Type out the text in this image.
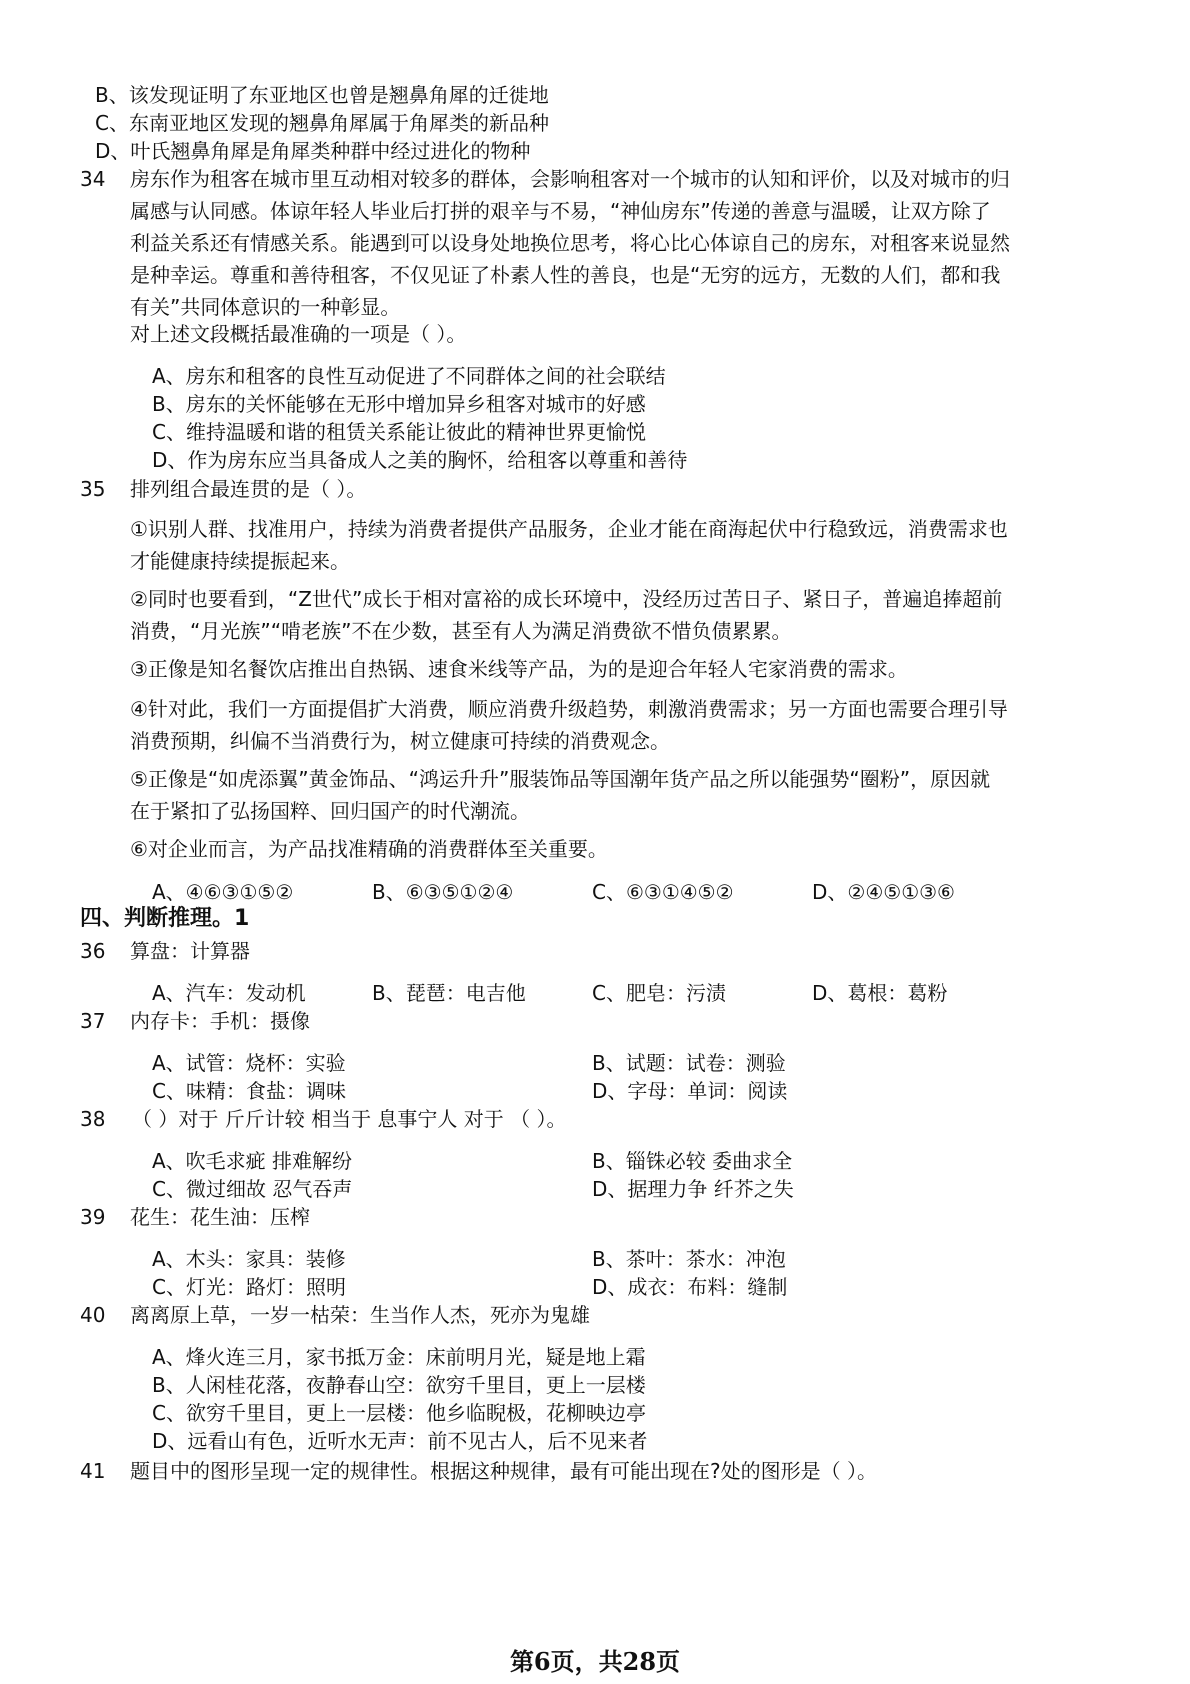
B、该发现证明了东亚地区也曾是翘鼻角犀的迁徙地
C、东南亚地区发现的翘鼻角犀属于角犀类的新品种
D、叶氏翘鼻角犀是角犀类种群中经过进化的物种
34 房东作为租客在城市里互动相对较多的群体，会影响租客对一个城市的认知和评价，以及对城市的归属感与认同感。体谅年轻人毕业后打拼的艰辛与不易，“神仙房东”传递的善意与温暖，让双方除了利益关系还有情感关系。能遇到可以设身处地换位思考，将心比心体谅自己的房东，对租客来说显然是种幸运。尊重和善待租客，不仅见证了朴素人性的善良，也是“无穷的远方，无数的人们，都和我有关”共同体意识的一种彰显。
对上述文段概括最准确的一项是（ ）。
A、房东和租客的良性互动促进了不同群体之间的社会联结
B、房东的关怀能够在无形中增加异乡租客对城市的好感
C、维持温暖和谐的租赁关系能让彼此的精神世界更愉悦
D、作为房东应当具备成人之美的胸怀，给租客以尊重和善待
35 排列组合最连贯的是（ ）。
①识别人群、找准用户，持续为消费者提供产品服务，企业才能在商海起伏中行稳致远，消费需求也才能健康持续提振起来。
②同时也要看到，“Z世代”成长于相对富裕的成长环境中，没经历过苦日子、紧日子，普遍追捧超前消费，“月光族”“啃老族”不在少数，甚至有人为满足消费欲不惜负债累累。
③正像是知名餐饮店推出自热锅、速食米线等产品，为的是迎合年轻人宅家消费的需求。
④针对此，我们一方面提倡扩大消费，顺应消费升级趋势，刺激消费需求；另一方面也需要合理引导消费预期，纠偏不当消费行为，树立健康可持续的消费观念。
⑤正像是“如虎添翼”黄金饰品、“鸿运升升”服装饰品等国潮年货产品之所以能强势“圈粉”，原因就在于紧扣了弘扬国粹、回归国产的时代潮流。
⑥对企业而言，为产品找准精确的消费群体至关重要。
A、④⑥③①⑤②	B、⑥③⑤①②④	C、⑥③①④⑤②	D、②④⑤①③⑥
四、判断推理。1
36 算盘：计算器
A、汽车：发动机	B、琵琶：电吉他	C、肥皂：污渍	D、葛根：葛粉
37 内存卡：手机：摄像
A、试管：烧杯：实验	B、试题：试卷：测验
C、味精：食盐：调味	D、字母：单词：阅读
38 （ ）对于 斤斤计较 相当于 息事宁人 对于 （ ）。
A、吹毛求疵 排难解纷	B、锱铢必较 委曲求全
C、微过细故 忍气吞声	D、据理力争 纤芥之失
39 花生：花生油：压榨
A、木头：家具：装修	B、茶叶：茶水：冲泡
C、灯光：路灯：照明	D、成衣：布料：缝制
40 离离原上草，一岁一枯荣：生当作人杰，死亦为鬼雄
A、烽火连三月，家书抵万金：床前明月光，疑是地上霜
B、人闲桂花落，夜静春山空：欲穷千里目，更上一层楼
C、欲穷千里目，更上一层楼：他乡临睨极，花柳映边亭
D、远看山有色，近听水无声：前不见古人，后不见来者
41 题目中的图形呈现一定的规律性。根据这种规律，最有可能出现在?处的图形是（ ）。
第6页，共28页
